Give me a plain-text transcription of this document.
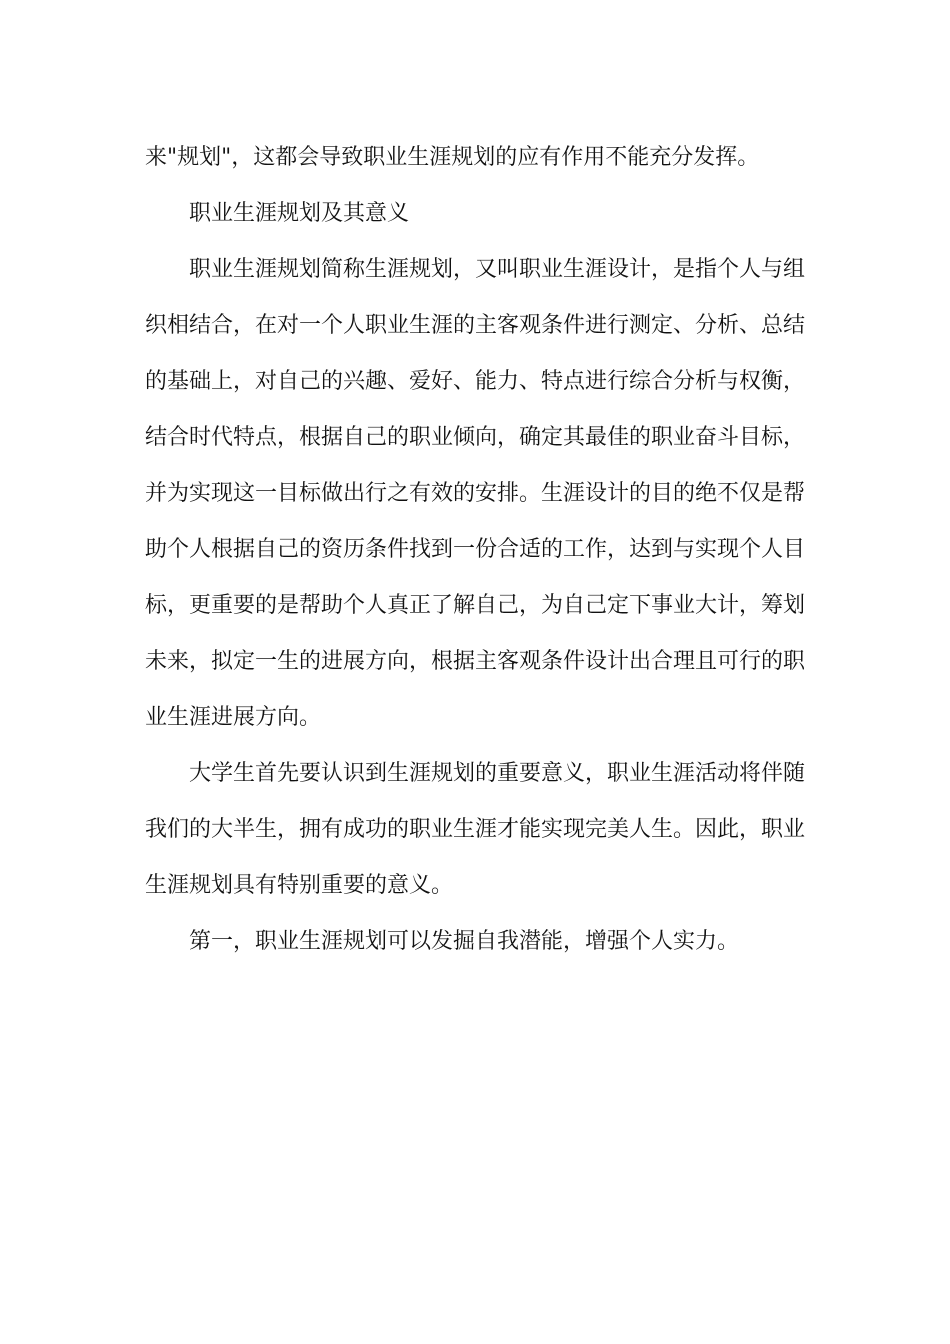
来"规划"，这都会导致职业生涯规划的应有作用不能充分发挥。

职业生涯规划及其意义

职业生涯规划简称生涯规划，又叫职业生涯设计，是指个人与组织相结合，在对一个人职业生涯的主客观条件进行测定、分析、总结的基础上，对自己的兴趣、爱好、能力、特点进行综合分析与权衡，结合时代特点，根据自己的职业倾向，确定其最佳的职业奋斗目标，并为实现这一目标做出行之有效的安排。生涯设计的目的绝不仅是帮助个人根据自己的资历条件找到一份合适的工作，达到与实现个人目标，更重要的是帮助个人真正了解自己，为自己定下事业大计，筹划未来，拟定一生的进展方向，根据主客观条件设计出合理且可行的职业生涯进展方向。

大学生首先要认识到生涯规划的重要意义，职业生涯活动将伴随我们的大半生，拥有成功的职业生涯才能实现完美人生。因此，职业生涯规划具有特别重要的意义。

第一，职业生涯规划可以发掘自我潜能，增强个人实力。
